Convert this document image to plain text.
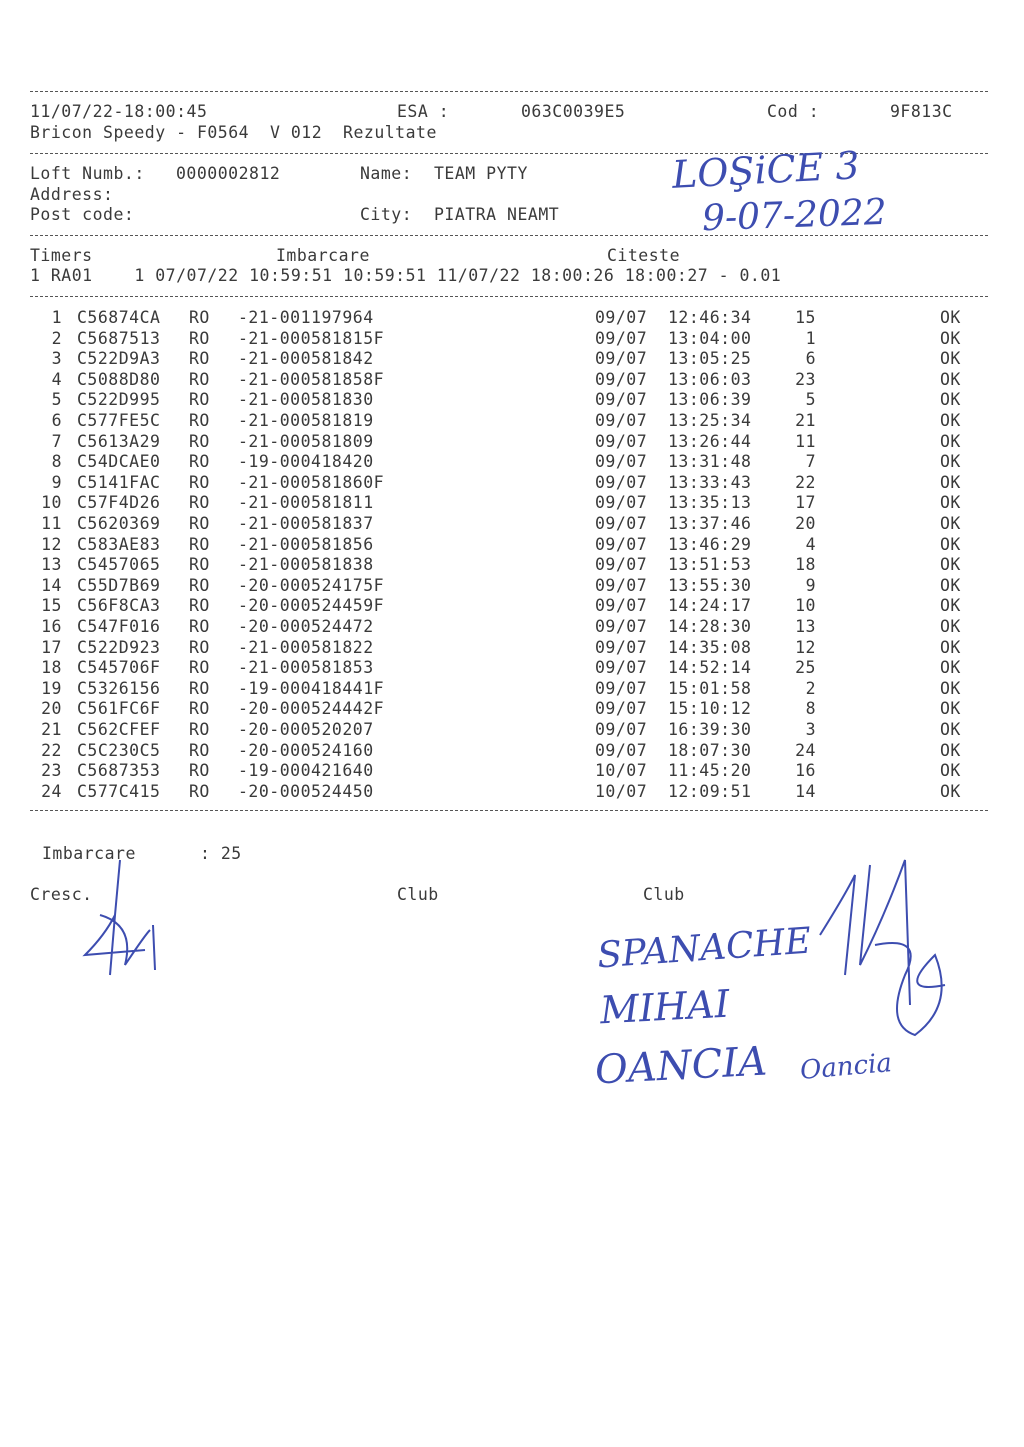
11/07/22-18:00:45	ESA :	063C0039E5	Cod :	9F813C
Bricon Speedy - F0564  V 012  Rezultate
Loft Numb.: 0000002812	Name: TEAM PYTY
Address:
Post code:	City: PIATRA NEAMT
LOŞiCE 3
9-07-2022
Timers	Imbarcare	Citeste
1 RA01    1 07/07/22 10:59:51 10:59:51 11/07/22 18:00:26 18:00:27 - 0.01
1 C56874CA RO -21-001197964	09/07 12:46:34	15	OK
2 C5687513 RO -21-000581815F	09/07 13:04:00	1	OK
3 C522D9A3 RO -21-000581842	09/07 13:05:25	6	OK
4 C5088D80 RO -21-000581858F	09/07 13:06:03	23	OK
5 C522D995 RO -21-000581830	09/07 13:06:39	5	OK
6 C577FE5C RO -21-000581819	09/07 13:25:34	21	OK
7 C5613A29 RO -21-000581809	09/07 13:26:44	11	OK
8 C54DCAE0 RO -19-000418420	09/07 13:31:48	7	OK
9 C5141FAC RO -21-000581860F	09/07 13:33:43	22	OK
10 C57F4D26 RO -21-000581811	09/07 13:35:13	17	OK
11 C5620369 RO -21-000581837	09/07 13:37:46	20	OK
12 C583AE83 RO -21-000581856	09/07 13:46:29	4	OK
13 C5457065 RO -21-000581838	09/07 13:51:53	18	OK
14 C55D7B69 RO -20-000524175F	09/07 13:55:30	9	OK
15 C56F8CA3 RO -20-000524459F	09/07 14:24:17	10	OK
16 C547F016 RO -20-000524472	09/07 14:28:30	13	OK
17 C522D923 RO -21-000581822	09/07 14:35:08	12	OK
18 C545706F RO -21-000581853	09/07 14:52:14	25	OK
19 C5326156 RO -19-000418441F	09/07 15:01:58	2	OK
20 C561FC6F RO -20-000524442F	09/07 15:10:12	8	OK
21 C562CFEF RO -20-000520207	09/07 16:39:30	3	OK
22 C5C230C5 RO -20-000524160	09/07 18:07:30	24	OK
23 C5687353 RO -19-000421640	10/07 11:45:20	16	OK
24 C577C415 RO -20-000524450	10/07 12:09:51	14	OK
Imbarcare	: 25
Cresc.	Club	Club
SPANACHE
MIHAI
OANCIA Oancia
